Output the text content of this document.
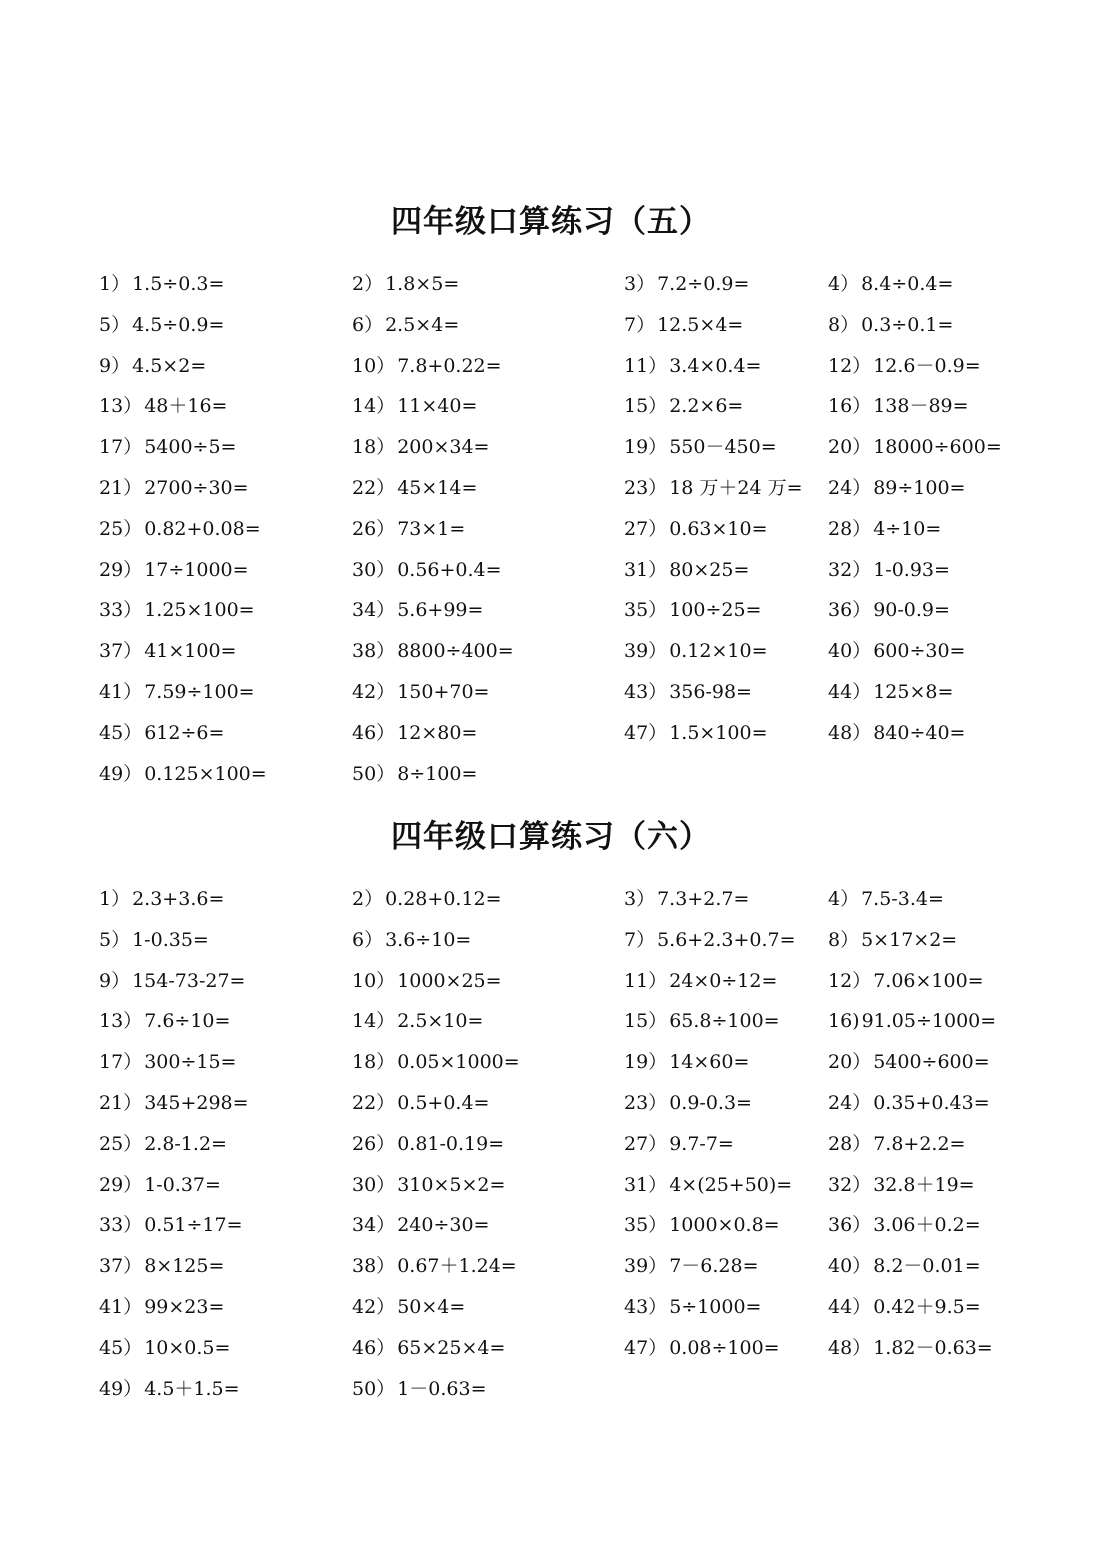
四年级口算练习（五）
1） 1.5÷0.3=	2） 1.8×5=	3） 7.2÷0.9=	4） 8.4÷0.4=
5） 4.5÷0.9=	6） 2.5×4=	7） 12.5×4=	8） 0.3÷0.1=
9） 4.5×2=	10） 7.8+0.22=	11） 3.4×0.4=	12） 12.6－0.9=
13） 48＋16=	14） 11×40=	15） 2.2×6=	16） 138－89=
17） 5400÷5=	18） 200×34=	19） 550－450=	20） 18000÷600=
21） 2700÷30=	22） 45×14=	23） 18 万＋24 万= 24） 89÷100=
25） 0.82+0.08=	26） 73×1=	27） 0.63×10=	28） 4÷10=
29） 17÷1000=	30） 0.56+0.4=	31） 80×25=	32） 1-0.93=
33） 1.25×100=	34） 5.6+99=	35） 100÷25=	36） 90-0.9=
37） 41×100=	38） 8800÷400=	39） 0.12×10=	40） 600÷30=
41） 7.59÷100=	42） 150+70=	43） 356-98=	44） 125×8=
45） 612÷6=	46） 12×80=	47） 1.5×100=	48） 840÷40=
49） 0.125×100=	50） 8÷100=
四年级口算练习（六）
1） 2.3+3.6=	2） 0.28+0.12=	3） 7.3+2.7=	4） 7.5-3.4=
5） 1-0.35=	6） 3.6÷10=	7） 5.6+2.3+0.7= 8） 5×17×2=
9） 154-73-27=	10） 1000×25=	11） 24×0÷12=	12） 7.06×100=
13） 7.6÷10=	14） 2.5×10=	15） 65.8÷100=	16) 91.05÷1000=
17） 300÷15=	18） 0.05×1000=	19） 14×60=	20） 5400÷600=
21） 345+298=	22） 0.5+0.4=	23） 0.9-0.3=	24） 0.35+0.43=
25） 2.8-1.2=	26） 0.81-0.19=	27） 9.7-7=	28） 7.8+2.2=
29） 1-0.37=	30） 310×5×2=	31） 4×(25+50)= 32） 32.8＋19=
33） 0.51÷17=	34） 240÷30=	35） 1000×0.8=	36） 3.06＋0.2=
37） 8×125=	38） 0.67＋1.24=	39） 7－6.28=	40） 8.2－0.01=
41） 99×23=	42） 50×4=	43） 5÷1000=	44） 0.42＋9.5=
45） 10×0.5=	46） 65×25×4=	47） 0.08÷100=	48） 1.82－0.63=
49） 4.5＋1.5=	50） 1－0.63=
